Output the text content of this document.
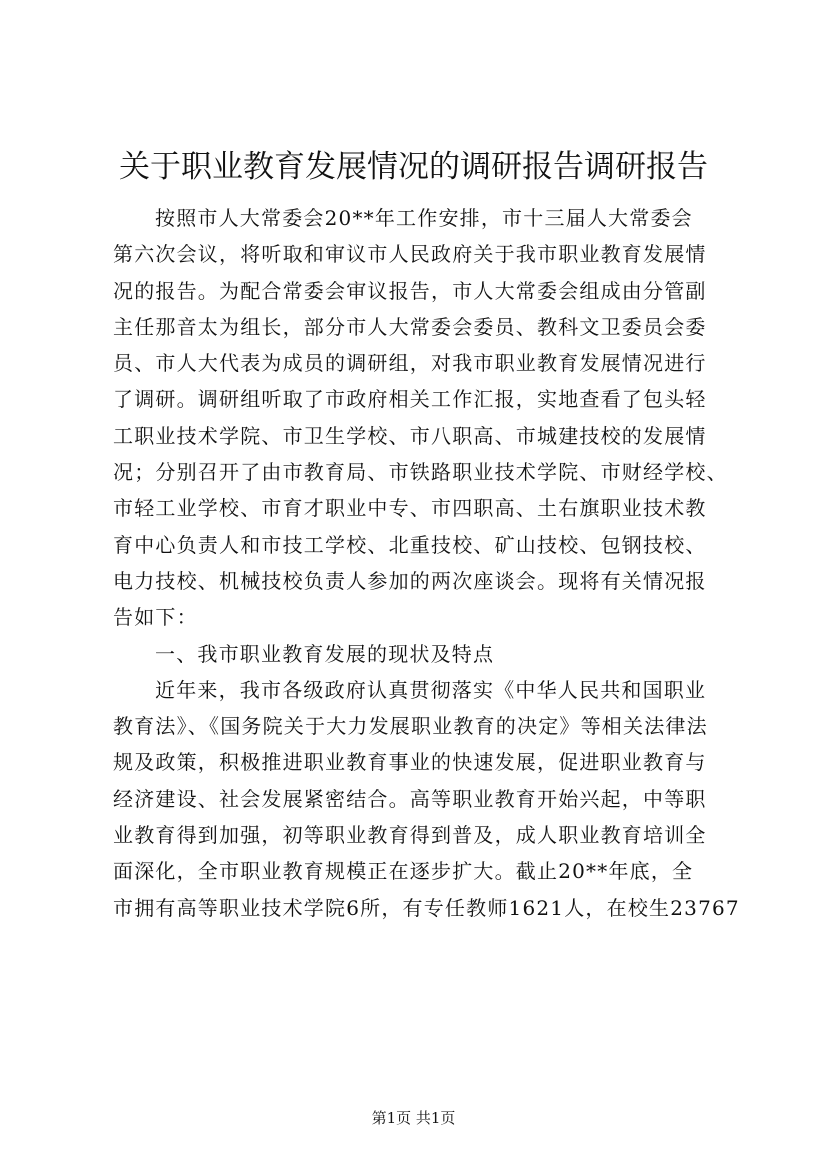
关于职业教育发展情况的调研报告调研报告
按照市人大常委会20**年工作安排，市十三届人大常委会
第六次会议，将听取和审议市人民政府关于我市职业教育发展情
况的报告。为配合常委会审议报告，市人大常委会组成由分管副
主任那音太为组长，部分市人大常委会委员、教科文卫委员会委
员、市人大代表为成员的调研组，对我市职业教育发展情况进行
了调研。调研组听取了市政府相关工作汇报，实地查看了包头轻
工职业技术学院、市卫生学校、市八职高、市城建技校的发展情
况；分别召开了由市教育局、市铁路职业技术学院、市财经学校、
市轻工业学校、市育才职业中专、市四职高、土右旗职业技术教
育中心负责人和市技工学校、北重技校、矿山技校、包钢技校、
电力技校、机械技校负责人参加的两次座谈会。现将有关情况报
告如下：
一、我市职业教育发展的现状及特点
近年来，我市各级政府认真贯彻落实《中华人民共和国职业
教育法》、《国务院关于大力发展职业教育的决定》等相关法律法
规及政策，积极推进职业教育事业的快速发展，促进职业教育与
经济建设、社会发展紧密结合。高等职业教育开始兴起，中等职
业教育得到加强，初等职业教育得到普及，成人职业教育培训全
面深化，全市职业教育规模正在逐步扩大。截止20**年底，全
市拥有高等职业技术学院6所，有专任教师1621人，在校生23767
第1页 共1页
